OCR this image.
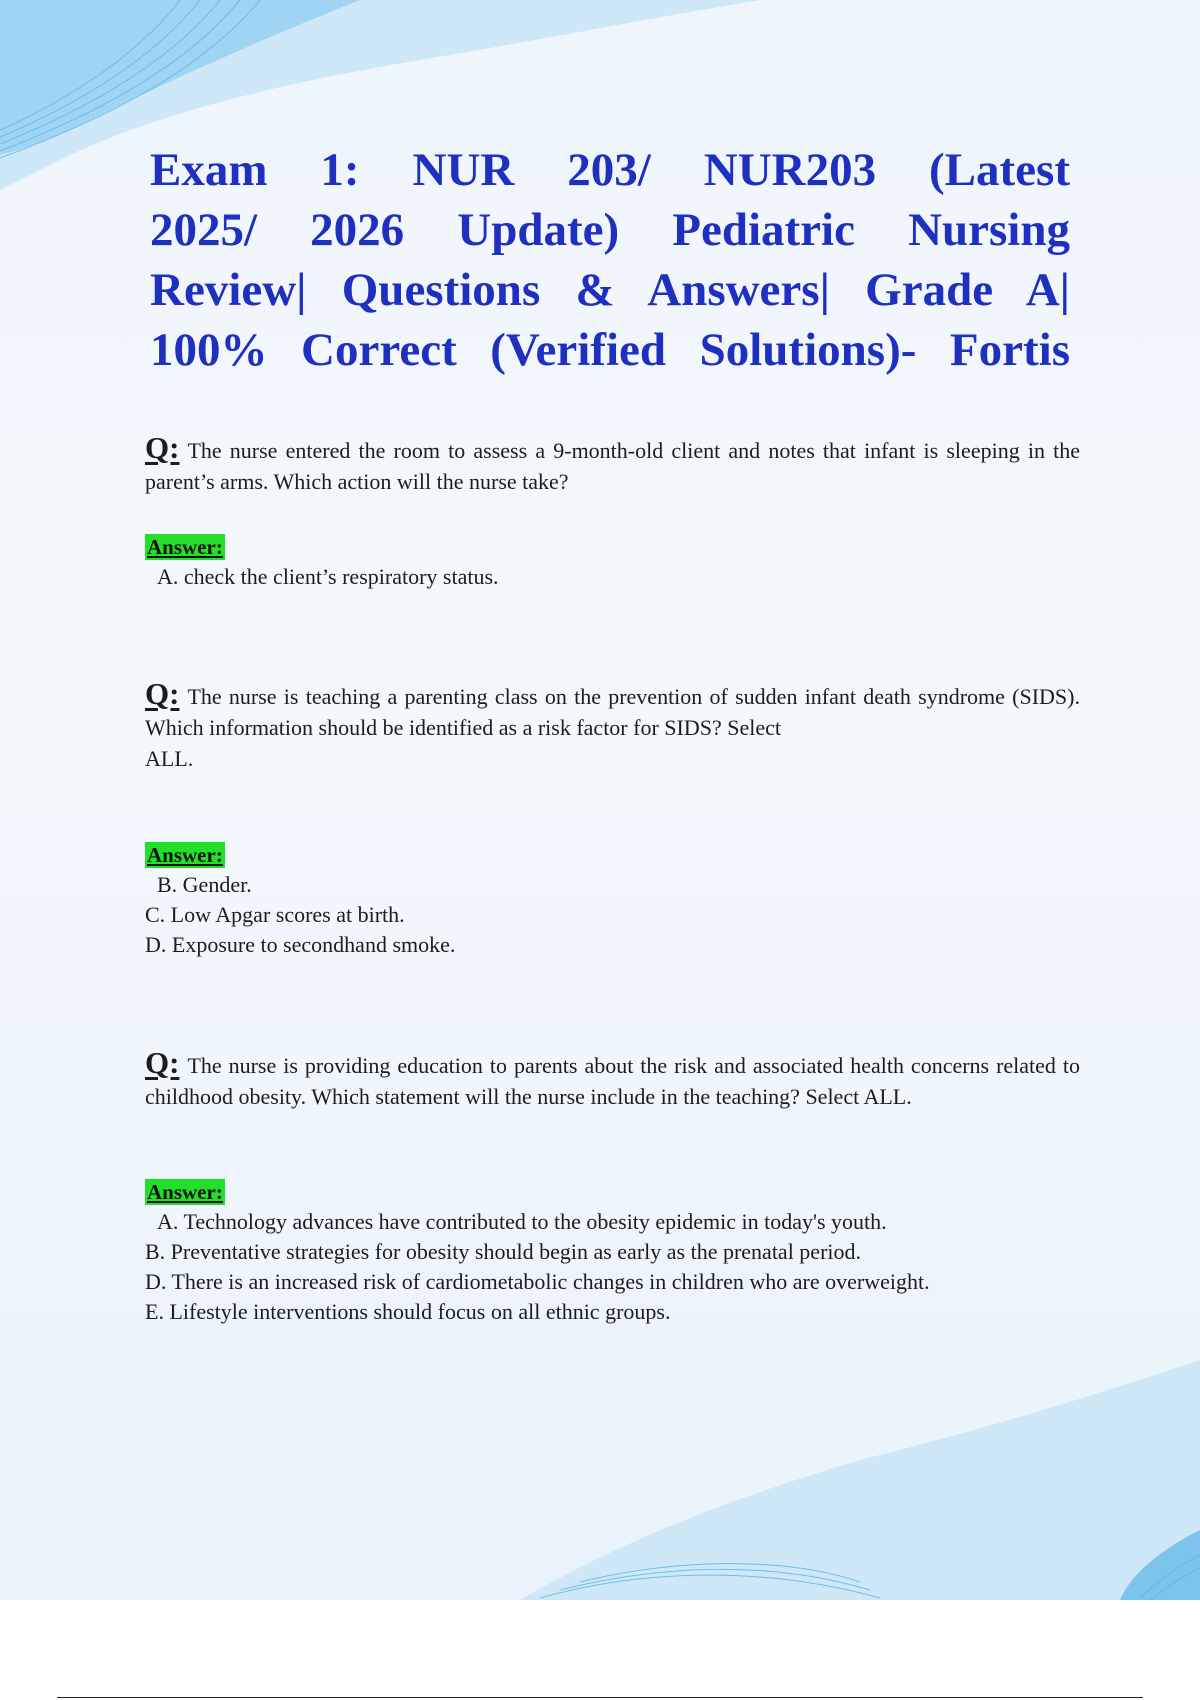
Exam 1: NUR 203/ NUR203 (Latest
2025/ 2026 Update) Pediatric Nursing
Review| Questions & Answers| Grade A|
100% Correct (Verified Solutions)- Fortis
Q: The nurse entered the room to assess a 9-month-old client and notes that infant is sleeping in the parent’s arms. Which action will the nurse take?
Answer:
A. check the client’s respiratory status.
Q: The nurse is teaching a parenting class on the prevention of sudden infant death syndrome (SIDS). Which information should be identified as a risk factor for SIDS? Select
ALL.
Answer:
B. Gender.
C. Low Apgar scores at birth.
D. Exposure to secondhand smoke.
Q: The nurse is providing education to parents about the risk and associated health concerns related to childhood obesity. Which statement will the nurse include in the teaching? Select ALL.
Answer:
A. Technology advances have contributed to the obesity epidemic in today's youth.
B. Preventative strategies for obesity should begin as early as the prenatal period.
D. There is an increased risk of cardiometabolic changes in children who are overweight.
E. Lifestyle interventions should focus on all ethnic groups.
